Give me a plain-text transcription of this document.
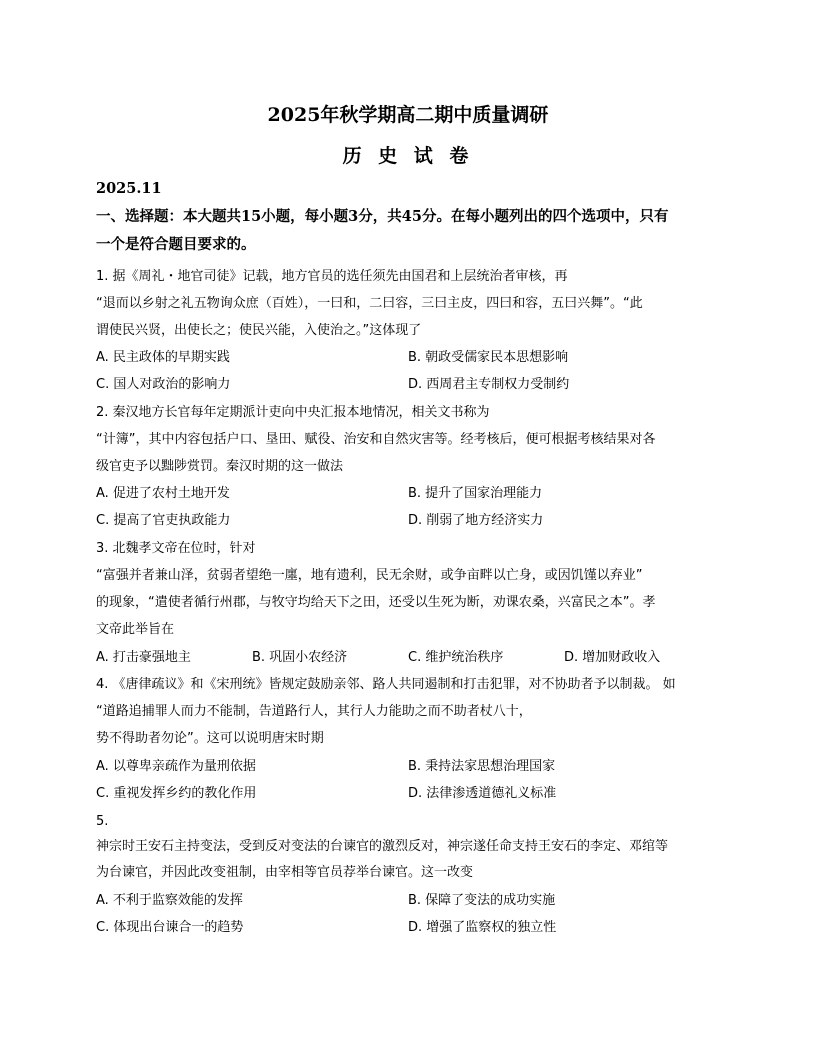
2025年秋学期高二期中质量调研
历 史 试 卷
2025.11
一、选择题：本大题共15小题，每小题3分，共45分。在每小题列出的四个选项中，只有
一个是符合题目要求的。
1. 据《周礼・地官司徒》记载，地方官员的选任须先由国君和上层统治者审核，再
“退而以乡射之礼五物询众庶（百姓），一曰和，二曰容，三曰主皮，四曰和容，五曰兴舞”。“此
谓使民兴贤，出使长之；使民兴能，入使治之。”这体现了
A. 民主政体的早期实践	B. 朝政受儒家民本思想影响
C. 国人对政治的影响力	D. 西周君主专制权力受制约
2. 秦汉地方长官每年定期派计吏向中央汇报本地情况，相关文书称为
“计簿”，其中内容包括户口、垦田、赋役、治安和自然灾害等。经考核后，便可根据考核结果对各
级官吏予以黜陟赏罚。秦汉时期的这一做法
A. 促进了农村土地开发	B. 提升了国家治理能力
C. 提高了官吏执政能力	D. 削弱了地方经济实力
3. 北魏孝文帝在位时，针对
“富强并者兼山泽，贫弱者望绝一廛，地有遗利，民无余财，或争亩畔以亡身，或因饥馑以弃业”
的现象，“遣使者循行州郡，与牧守均给天下之田，还受以生死为断，劝课农桑，兴富民之本”。孝
文帝此举旨在
A. 打击豪强地主	B. 巩固小农经济	C. 维护统治秩序	D. 增加财政收入
4. 《唐律疏议》和《宋刑统》皆规定鼓励亲邻、路人共同遏制和打击犯罪，对不协助者予以制裁。 如
“道路追捕罪人而力不能制，告道路行人，其行人力能助之而不助者杖八十，
势不得助者勿论”。这可以说明唐宋时期
A. 以尊卑亲疏作为量刑依据	B. 秉持法家思想治理国家
C. 重视发挥乡约的教化作用	D. 法律渗透道德礼义标准
5.
神宗时王安石主持变法，受到反对变法的台谏官的激烈反对，神宗遂任命支持王安石的李定、邓绾等
为台谏官，并因此改变祖制，由宰相等官员荐举台谏官。这一改变
A. 不利于监察效能的发挥	B. 保障了变法的成功实施
C. 体现出台谏合一的趋势	D. 增强了监察权的独立性
